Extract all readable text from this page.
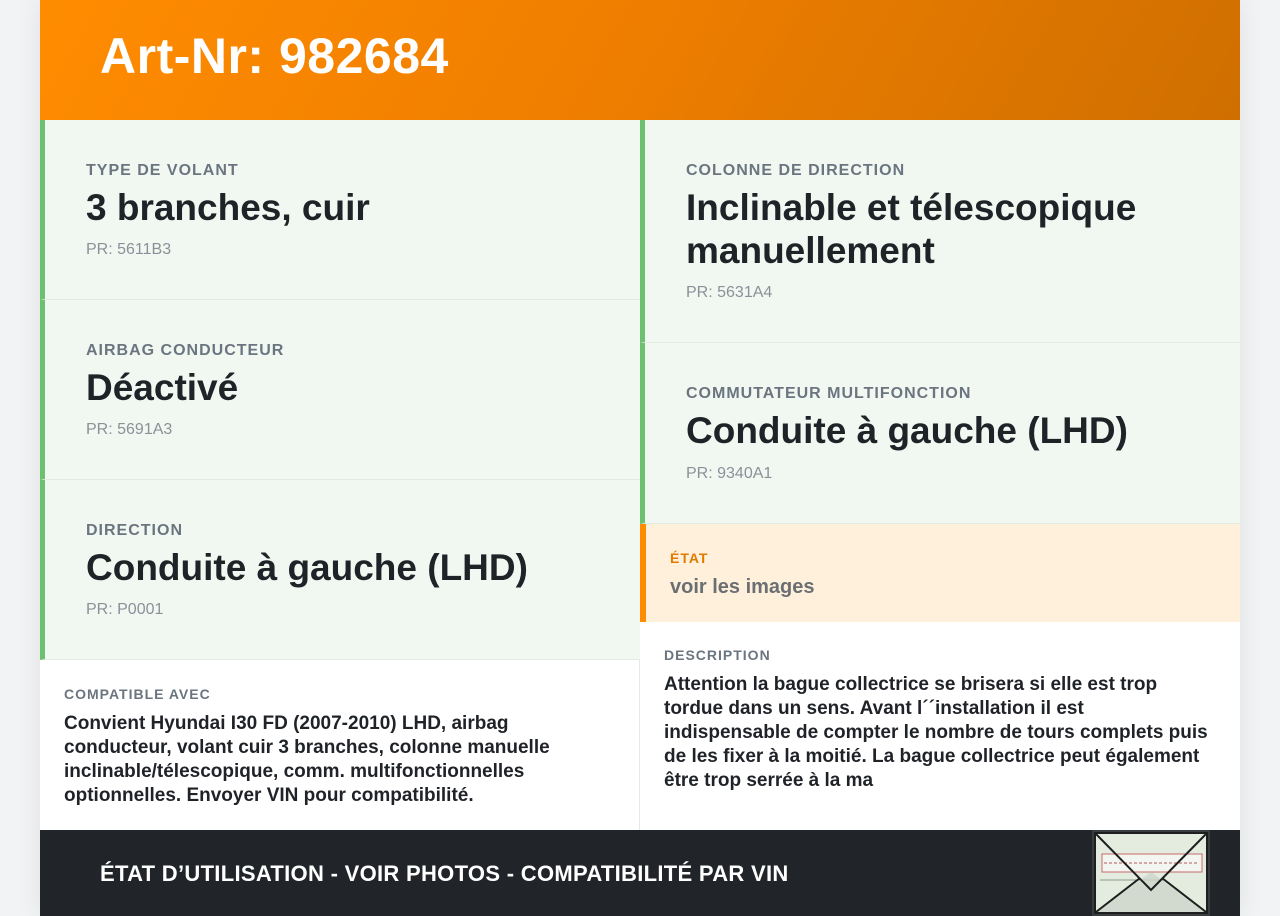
Art-Nr: 982684
TYPE DE VOLANT
3 branches, cuir
PR: 5611B3
AIRBAG CONDUCTEUR
Déactivé
PR: 5691A3
DIRECTION
Conduite à gauche (LHD)
PR: P0001
COMPATIBLE AVEC
Convient Hyundai I30 FD (2007-2010) LHD, airbag conducteur, volant cuir 3 branches, colonne manuelle inclinable/télescopique, comm. multifonctionnelles optionnelles. Envoyer VIN pour compatibilité.
COLONNE DE DIRECTION
Inclinable et télescopique manuellement
PR: 5631A4
COMMUTATEUR MULTIFONCTION
Conduite à gauche (LHD)
PR: 9340A1
ÉTAT
voir les images
DESCRIPTION
Attention la bague collectrice se brisera si elle est trop tordue dans un sens. Avant l´´installation il est indispensable de compter le nombre de tours complets puis de les fixer à la moitié. La bague collectrice peut également être trop serrée à la ma
ÉTAT D’UTILISATION - VOIR PHOTOS - COMPATIBILITÉ PAR VIN
